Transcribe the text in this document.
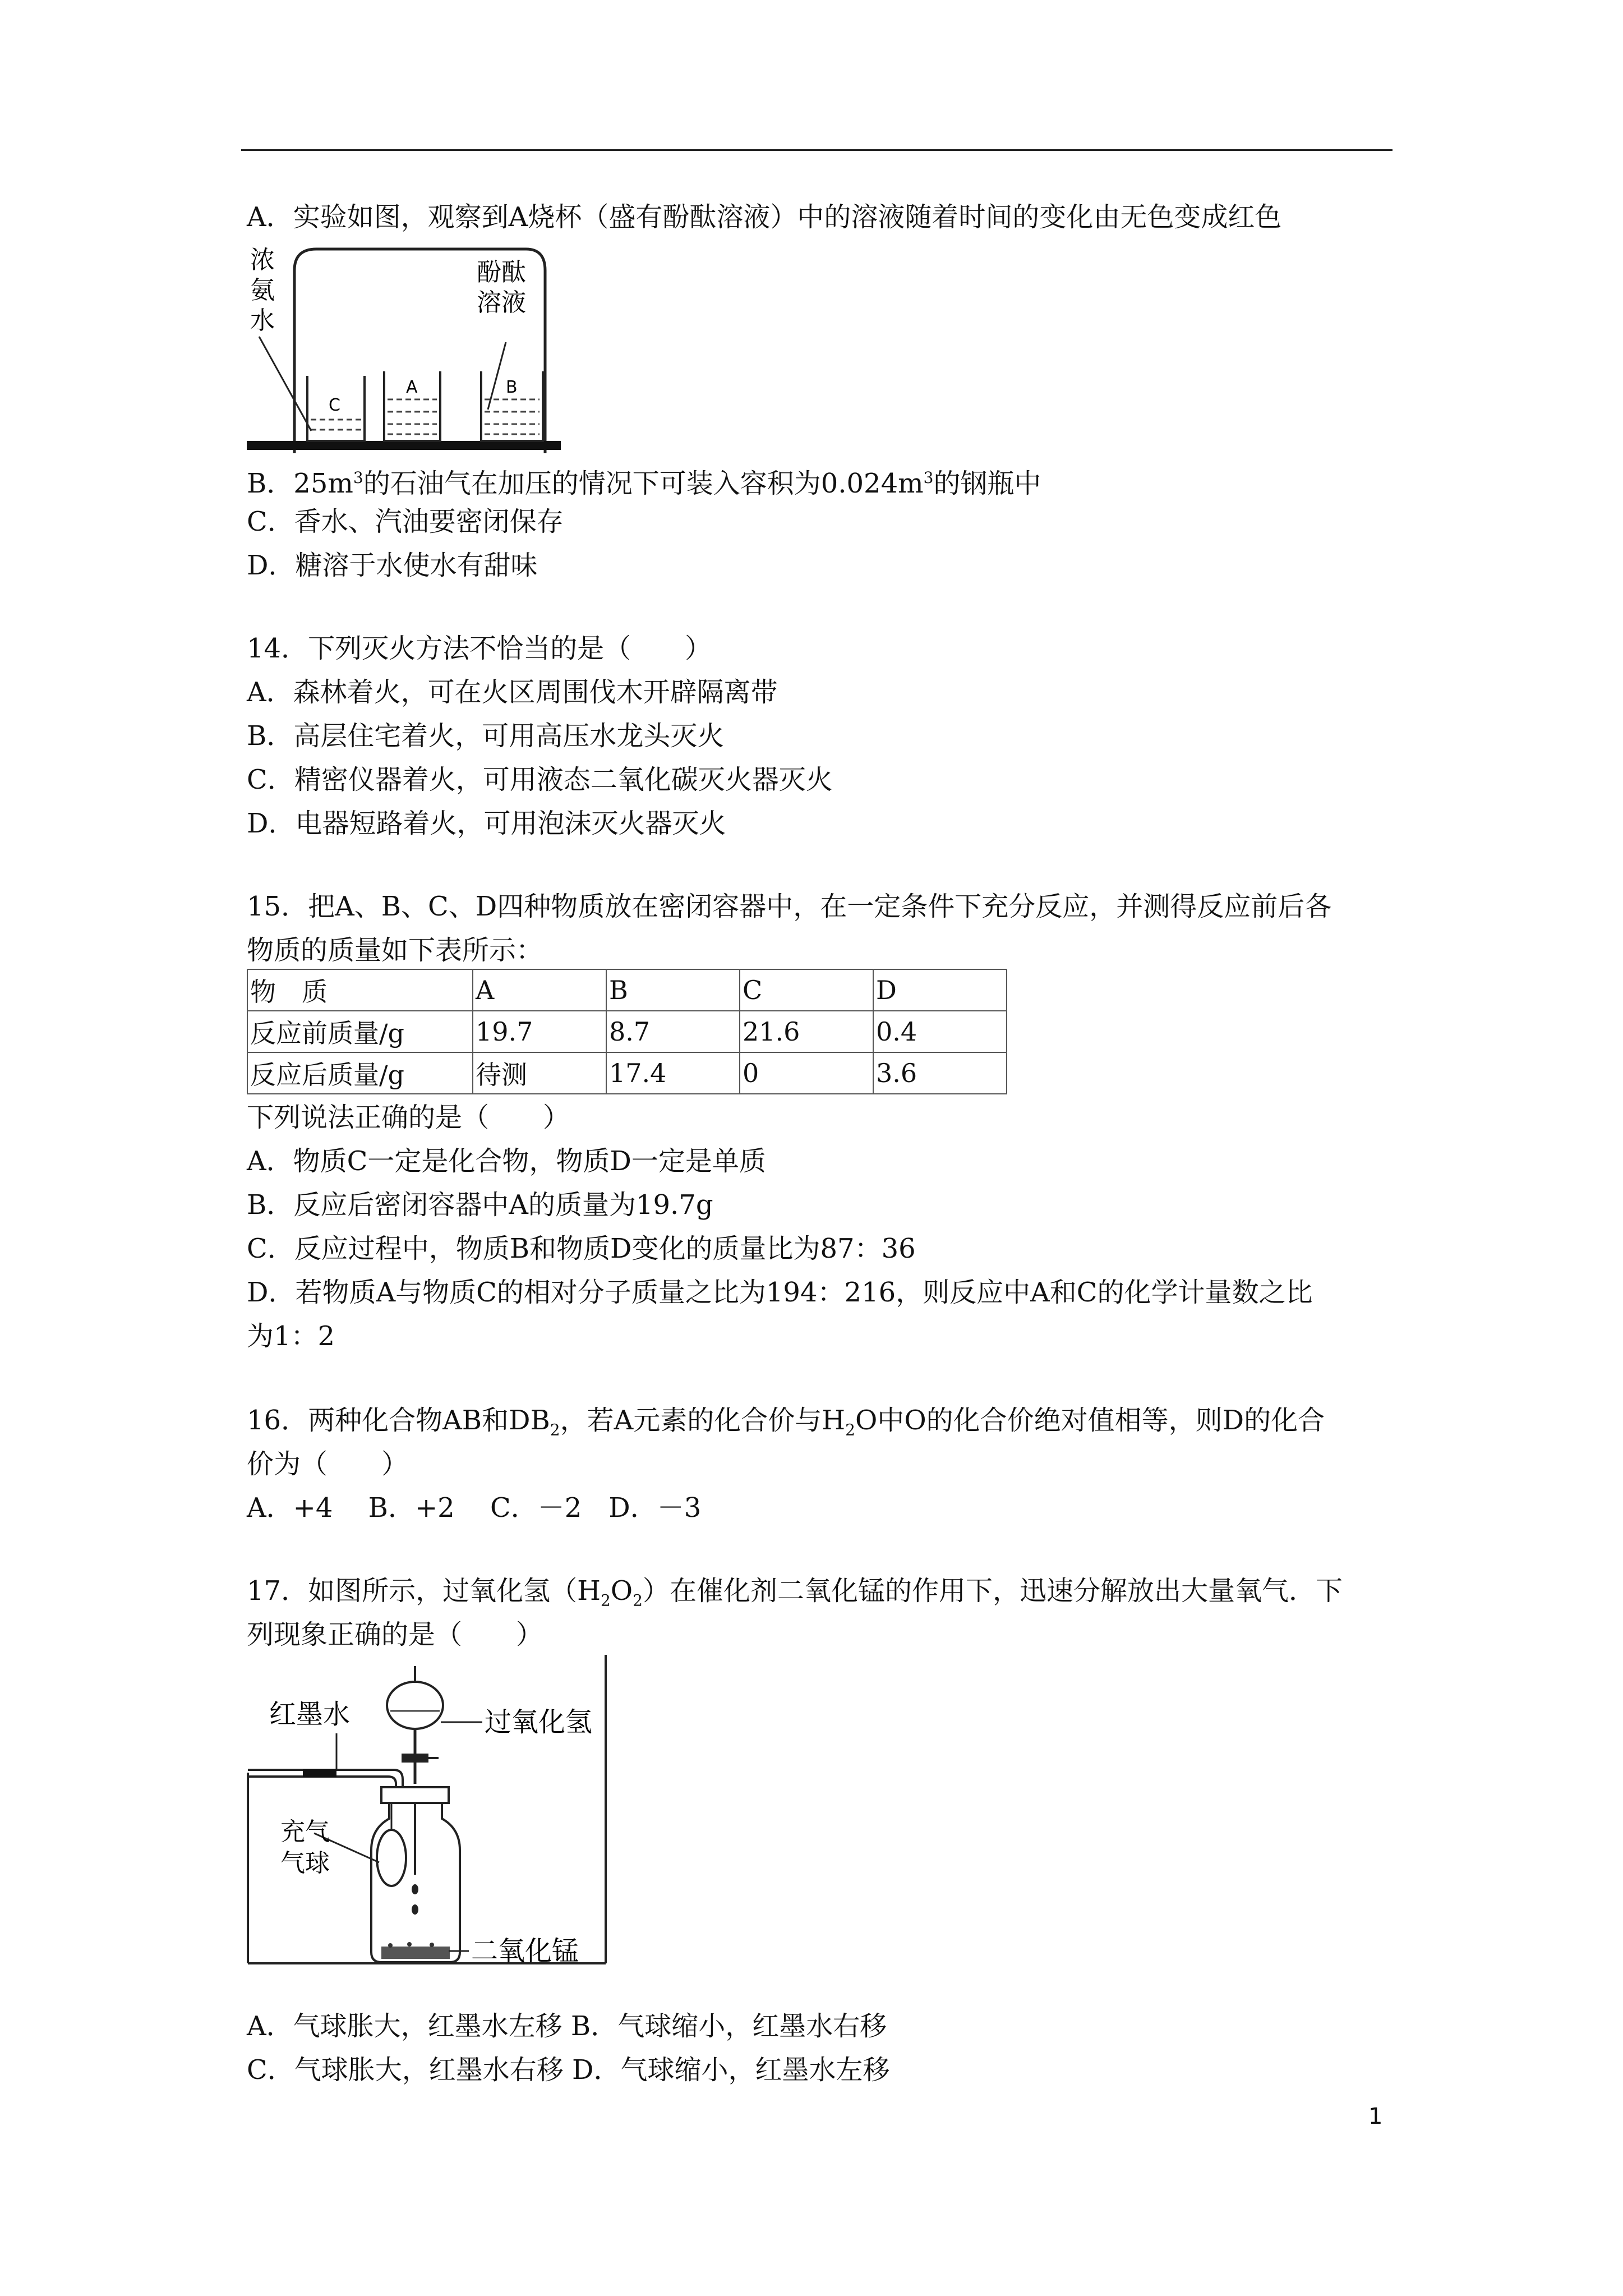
A．实验如图，观察到A烧杯（盛有酚酞溶液）中的溶液随着时间的变化由无色变成红色
浓
氨
水
酚酞
溶液
C
A	B
B．$25m^3$的石油气在加压的情况下可装入容积为$0.024m^3$的钢瓶中
C．香水、汽油要密闭保存
D．糖溶于水使水有甜味
14．下列灭火方法不恰当的是（　　）
A．森林着火，可在火区周围伐木开辟隔离带
B．高层住宅着火，可用高压水龙头灭火
C．精密仪器着火，可用液态二氧化碳灭火器灭火
D．电器短路着火，可用泡沫灭火器灭火
15．把A、B、C、D四种物质放在密闭容器中，在一定条件下充分反应，并测得反应前后各
物质的质量如下表所示：
物　质	A	B	C	D
反应前质量/g	19.7	8.7	21.6	0.4
反应后质量/g	待测	17.4	0	3.6
下列说法正确的是（　　）
A．物质C一定是化合物，物质D一定是单质
B．反应后密闭容器中A的质量为19.7g
C．反应过程中，物质B和物质D变化的质量比为87：36
D．若物质A与物质C的相对分子质量之比为194：216，则反应中A和C的化学计量数之比
为1：2
16．两种化合物AB和$DB_2$，若A元素的化合价与$H_2O$中O的化合价绝对值相等，则D的化合
价为（　　）
A．+4　 B．+2　 C．－2　D．－3
17．如图所示，过氧化氢$(H_2O_2)$在催化剂二氧化锰的作用下，迅速分解放出大量氧气．下
列现象正确的是（　　）
红墨水	过氧化氢
充气
气球
二氧化锰
A．气球胀大，红墨水左移 B．气球缩小，红墨水右移
C．气球胀大，红墨水右移 D．气球缩小，红墨水左移
1
